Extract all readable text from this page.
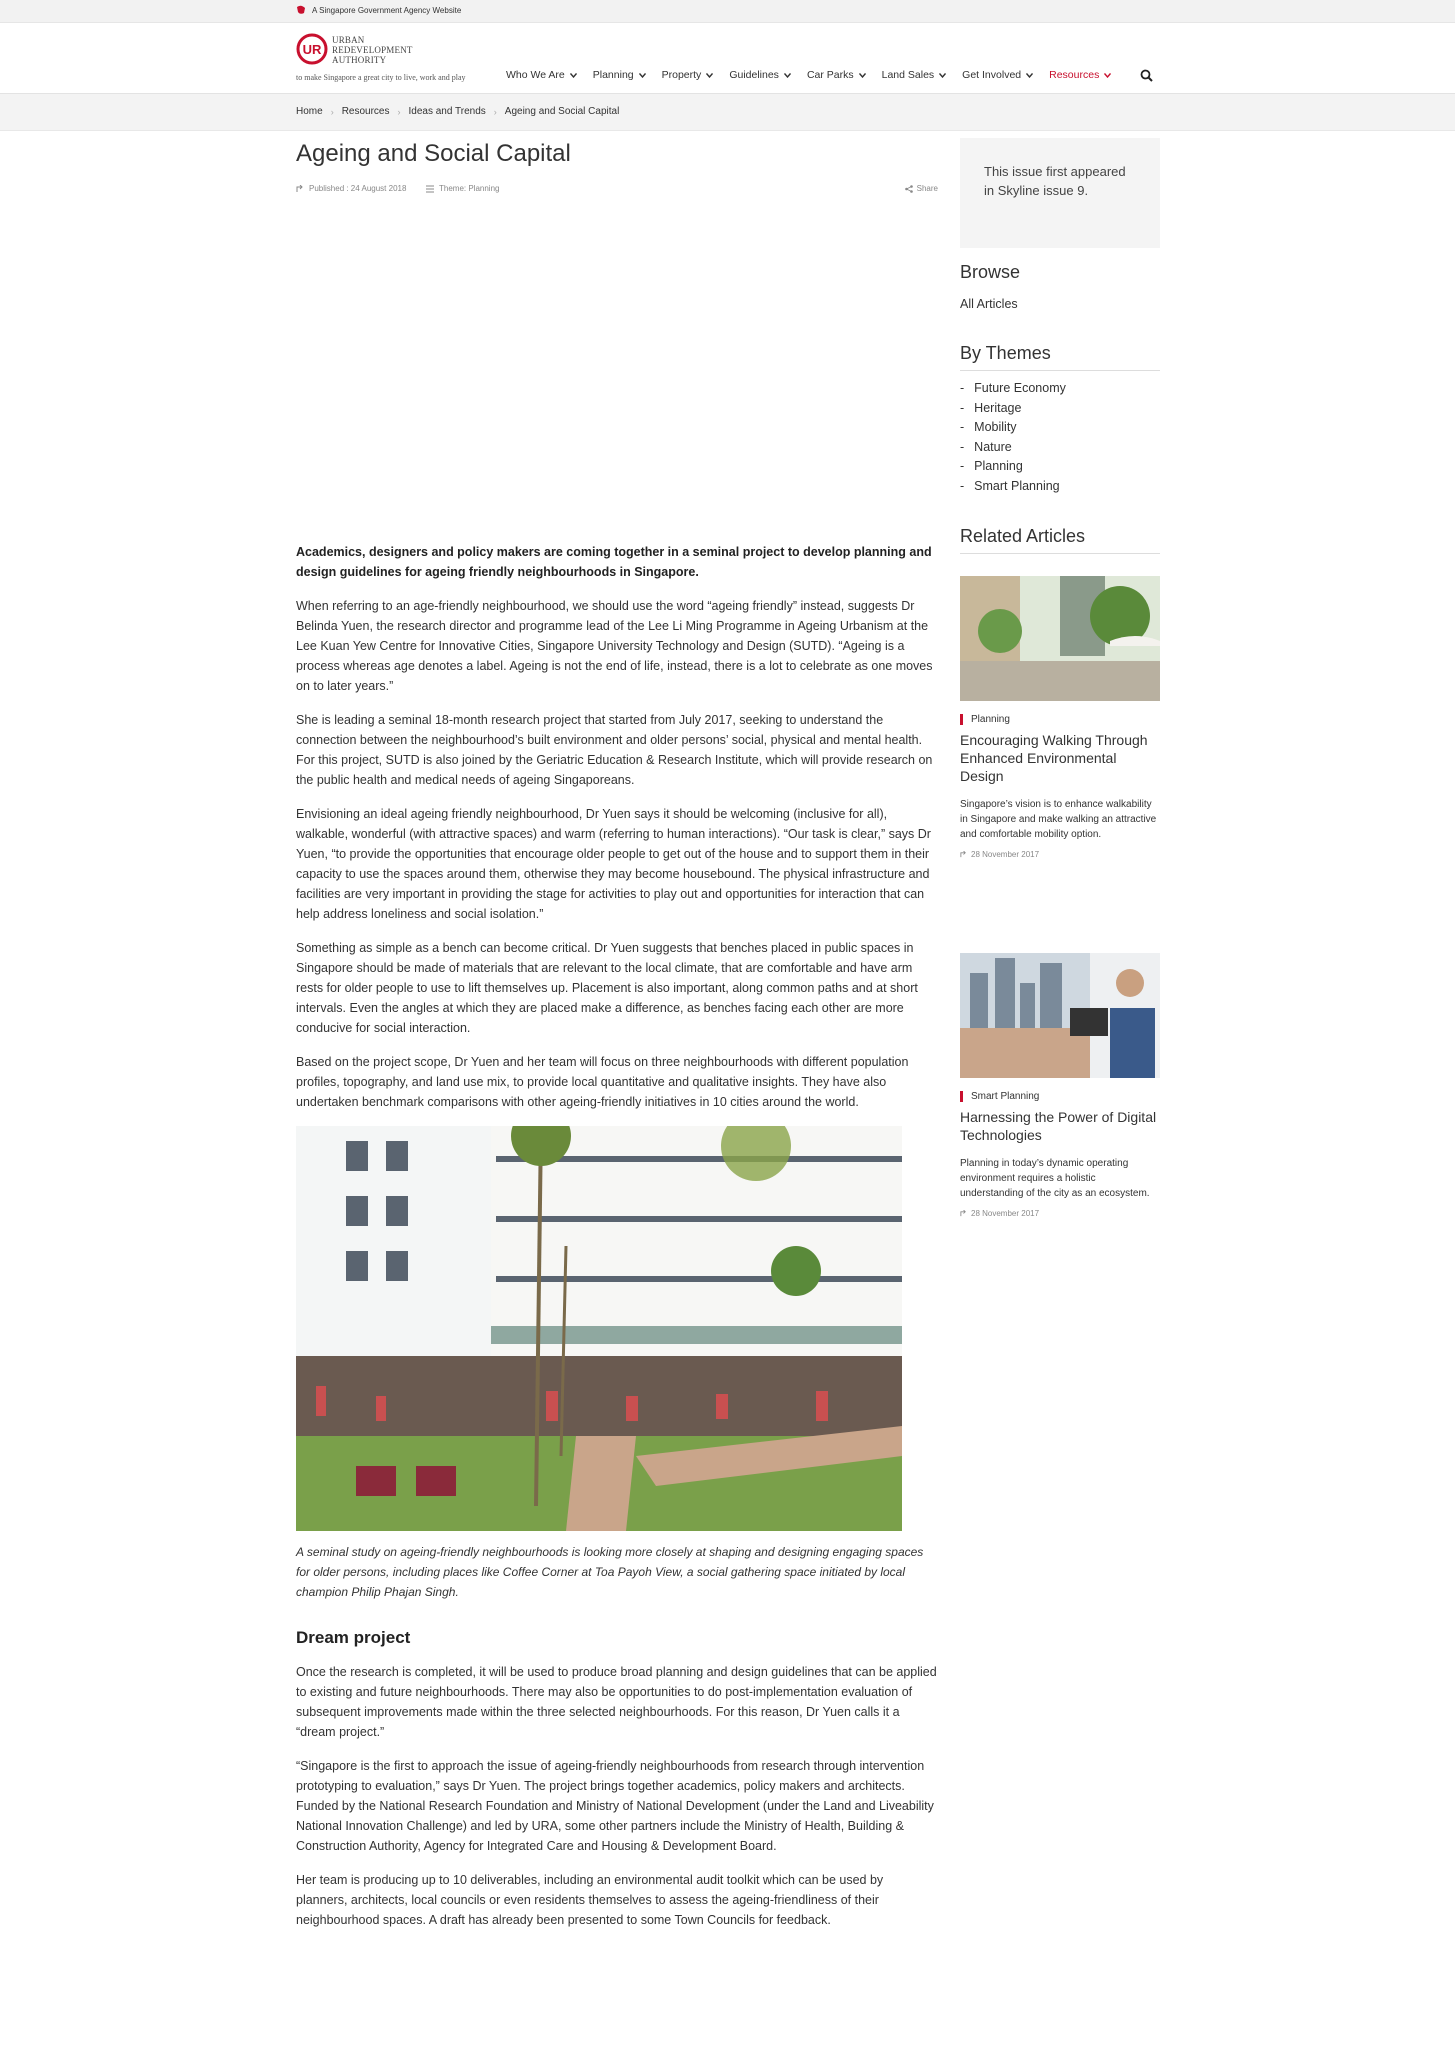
A Singapore Government Agency Website
UR
URBAN
REDEVELOPMENT
AUTHORITY
to make Singapore a great city to live, work and play	Who We Are	Planning	Property	Guidelines	Car Parks	Land Sales	Get Involved	Resources
Home › Resources › Ideas and Trends › Ageing and Social Capital
Ageing and Social Capital
Published : 24 August 2018	Theme: Planning	Share

Academics, designers and policy makers are coming together in a seminal project to develop planning and design guidelines for ageing friendly neighbourhoods in Singapore.

When referring to an age-friendly neighbourhood, we should use the word “ageing friendly” instead, suggests Dr Belinda Yuen, the research director and programme lead of the Lee Li Ming Programme in Ageing Urbanism at the Lee Kuan Yew Centre for Innovative Cities, Singapore University Technology and Design (SUTD). “Ageing is a process whereas age denotes a label. Ageing is not the end of life, instead, there is a lot to celebrate as one moves on to later years.”

She is leading a seminal 18-month research project that started from July 2017, seeking to understand the connection between the neighbourhood’s built environment and older persons’ social, physical and mental health. For this project, SUTD is also joined by the Geriatric Education & Research Institute, which will provide research on the public health and medical needs of ageing Singaporeans.

Envisioning an ideal ageing friendly neighbourhood, Dr Yuen says it should be welcoming (inclusive for all), walkable, wonderful (with attractive spaces) and warm (referring to human interactions). “Our task is clear,” says Dr Yuen, “to provide the opportunities that encourage older people to get out of the house and to support them in their capacity to use the spaces around them, otherwise they may become housebound. The physical infrastructure and facilities are very important in providing the stage for activities to play out and opportunities for interaction that can help address loneliness and social isolation.”

Something as simple as a bench can become critical. Dr Yuen suggests that benches placed in public spaces in Singapore should be made of materials that are relevant to the local climate, that are comfortable and have arm rests for older people to use to lift themselves up. Placement is also important, along common paths and at short intervals. Even the angles at which they are placed make a difference, as benches facing each other are more conducive for social interaction.

Based on the project scope, Dr Yuen and her team will focus on three neighbourhoods with different population profiles, topography, and land use mix, to provide local quantitative and qualitative insights. They have also undertaken benchmark comparisons with other ageing-friendly initiatives in 10 cities around the world.

A seminal study on ageing-friendly neighbourhoods is looking more closely at shaping and designing engaging spaces for older persons, including places like Coffee Corner at Toa Payoh View, a social gathering space initiated by local champion Philip Phajan Singh.

Dream project

Once the research is completed, it will be used to produce broad planning and design guidelines that can be applied to existing and future neighbourhoods. There may also be opportunities to do post-implementation evaluation of subsequent improvements made within the three selected neighbourhoods. For this reason, Dr Yuen calls it a “dream project.”

“Singapore is the first to approach the issue of ageing-friendly neighbourhoods from research through intervention prototyping to evaluation,” says Dr Yuen. The project brings together academics, policy makers and architects. Funded by the National Research Foundation and Ministry of National Development (under the Land and Liveability National Innovation Challenge) and led by URA, some other partners include the Ministry of Health, Building & Construction Authority, Agency for Integrated Care and Housing & Development Board.

Her team is producing up to 10 deliverables, including an environmental audit toolkit which can be used by planners, architects, local councils or even residents themselves to assess the ageing-friendliness of their neighbourhood spaces. A draft has already been presented to some Town Councils for feedback.

This issue first appeared in Skyline issue 9.
Browse
All Articles
By Themes
- Future Economy
- Heritage
- Mobility
- Nature
- Planning
- Smart Planning
Related Articles
Planning
Encouraging Walking Through Enhanced Environmental Design
Singapore’s vision is to enhance walkability in Singapore and make walking an attractive and comfortable mobility option.
28 November 2017
Smart Planning
Harnessing the Power of Digital Technologies
Planning in today’s dynamic operating environment requires a holistic understanding of the city as an ecosystem.
28 November 2017
